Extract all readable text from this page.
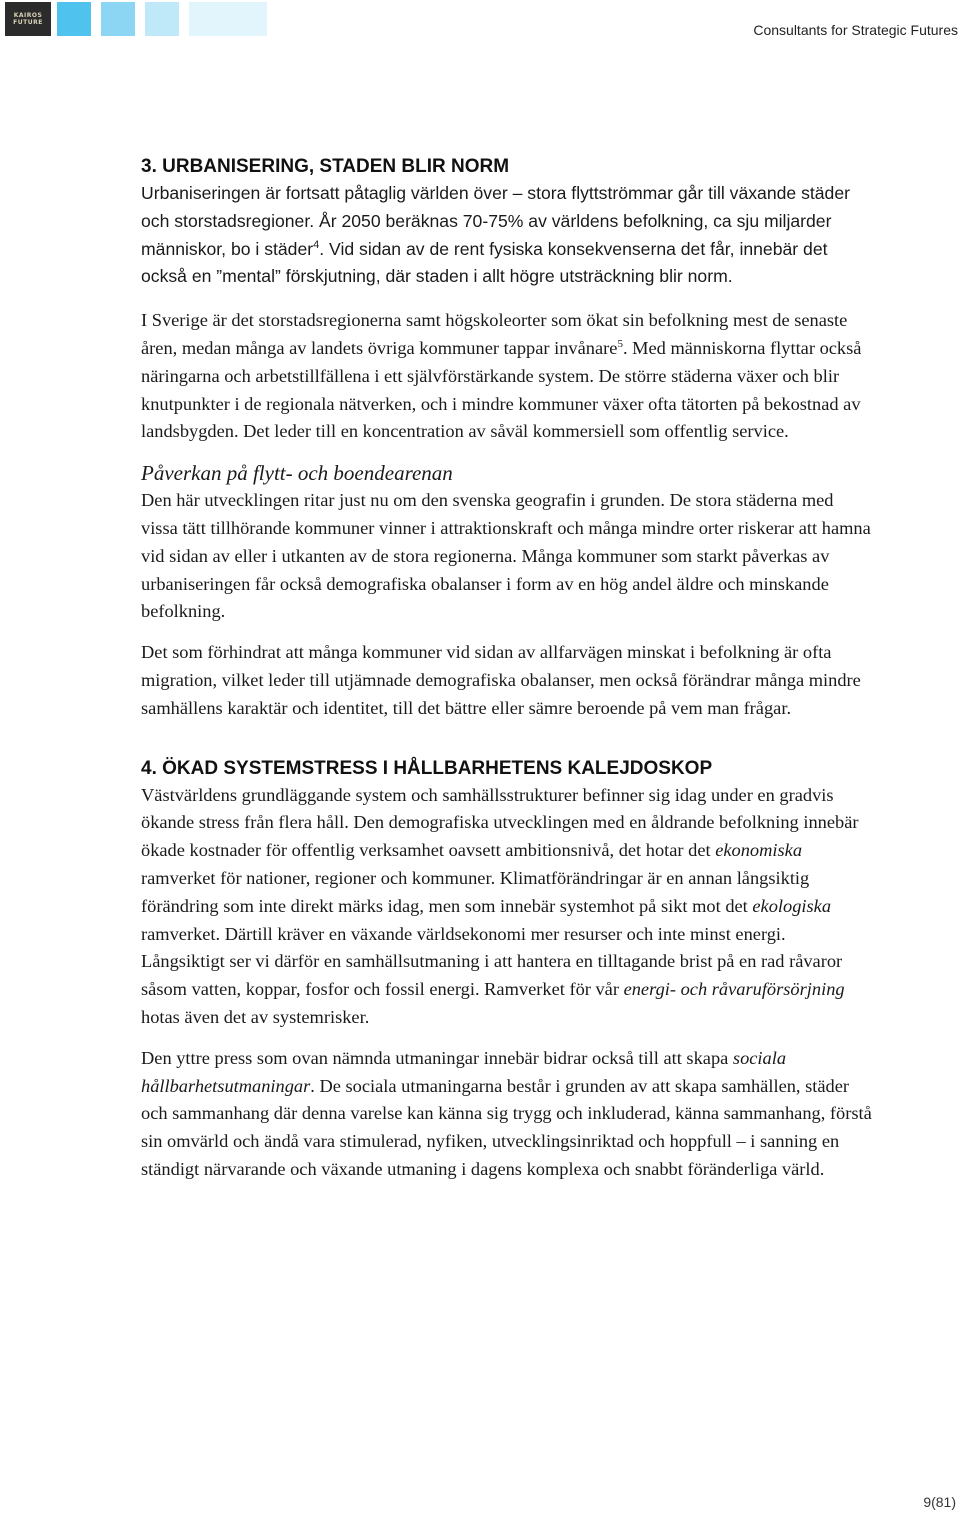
KAIROS
FUTURE	Consultants for Strategic Futures
3. URBANISERING, STADEN BLIR NORM

Urbaniseringen är fortsatt påtaglig världen över – stora flyttströmmar går till växande städer och storstadsregioner. År 2050 beräknas 70-75% av världens befolkning, ca sju miljarder människor, bo i städer$^4$. Vid sidan av de rent fysiska konsekvenserna det får, innebär det också en ”mental” förskjutning, där staden i allt högre utsträckning blir norm.

I Sverige är det storstadsregionerna samt högskoleorter som ökat sin befolkning mest de senaste åren, medan många av landets övriga kommuner tappar invånare$^5$. Med människorna flyttar också näringarna och arbetstillfällena i ett självförstärkande system. De större städerna växer och blir knutpunkter i de regionala nätverken, och i mindre kommuner växer ofta tätorten på bekostnad av landsbygden. Det leder till en koncentration av såväl kommersiell som offentlig service.

Påverkan på flytt- och boendearenan

Den här utvecklingen ritar just nu om den svenska geografin i grunden. De stora städerna med vissa tätt tillhörande kommuner vinner i attraktionskraft och många mindre orter riskerar att hamna vid sidan av eller i utkanten av de stora regionerna. Många kommuner som starkt påverkas av urbaniseringen får också demografiska obalanser i form av en hög andel äldre och minskande befolkning.

Det som förhindrat att många kommuner vid sidan av allfarvägen minskat i befolkning är ofta migration, vilket leder till utjämnade demografiska obalanser, men också förändrar många mindre samhällens karaktär och identitet, till det bättre eller sämre beroende på vem man frågar.

4. ÖKAD SYSTEMSTRESS I HÅLLBARHETENS KALEJDOSKOP

Västvärldens grundläggande system och samhällsstrukturer befinner sig idag under en gradvis ökande stress från flera håll. Den demografiska utvecklingen med en åldrande befolkning innebär ökade kostnader för offentlig verksamhet oavsett ambitionsnivå, det hotar det ekonomiska ramverket för nationer, regioner och kommuner. Klimatförändringar är en annan långsiktig förändring som inte direkt märks idag, men som innebär systemhot på sikt mot det ekologiska ramverket. Därtill kräver en växande världsekonomi mer resurser och inte minst energi. Långsiktigt ser vi därför en samhällsutmaning i att hantera en tilltagande brist på en rad råvaror såsom vatten, koppar, fosfor och fossil energi. Ramverket för vår energi- och råvaruförsörjning hotas även det av systemrisker.

Den yttre press som ovan nämnda utmaningar innebär bidrar också till att skapa sociala hållbarhetsutmaningar. De sociala utmaningarna består i grunden av att skapa samhällen, städer och sammanhang där denna varelse kan känna sig trygg och inkluderad, känna sammanhang, förstå sin omvärld och ändå vara stimulerad, nyfiken, utvecklingsinriktad och hoppfull – i sanning en ständigt närvarande och växande utmaning i dagens komplexa och snabbt föränderliga värld.

9(81)
